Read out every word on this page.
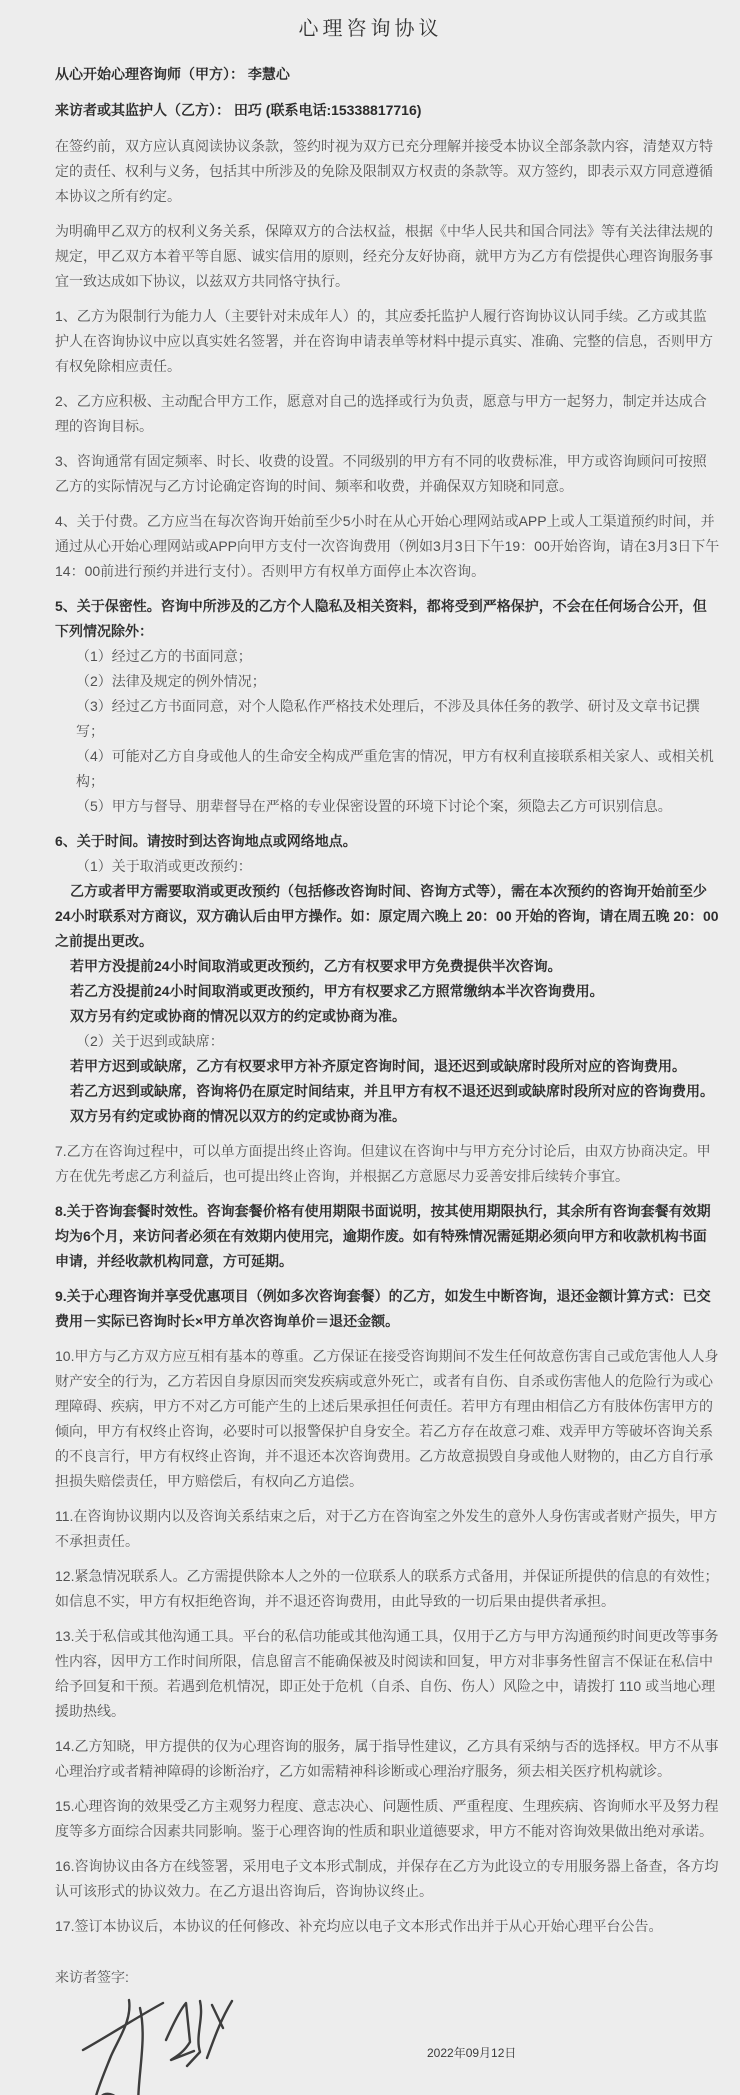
心理咨询协议

从心开始心理咨询师（甲方）： 李慧心

来访者或其监护人（乙方）： 田巧 (联系电话:15338817716)

在签约前，双方应认真阅读协议条款，签约时视为双方已充分理解并接受本协议全部条款内容，清楚双方特定的责任、权利与义务，包括其中所涉及的免除及限制双方权责的条款等。双方签约，即表示双方同意遵循本协议之所有约定。

为明确甲乙双方的权利义务关系，保障双方的合法权益，根据《中华人民共和国合同法》等有关法律法规的规定，甲乙双方本着平等自愿、诚实信用的原则，经充分友好协商，就甲方为乙方有偿提供心理咨询服务事宜一致达成如下协议，以兹双方共同恪守执行。

1、乙方为限制行为能力人（主要针对未成年人）的，其应委托监护人履行咨询协议认同手续。乙方或其监护人在咨询协议中应以真实姓名签署，并在咨询申请表单等材料中提示真实、准确、完整的信息，否则甲方有权免除相应责任。

2、乙方应积极、主动配合甲方工作，愿意对自己的选择或行为负责，愿意与甲方一起努力，制定并达成合理的咨询目标。

3、咨询通常有固定频率、时长、收费的设置。不同级别的甲方有不同的收费标准，甲方或咨询顾问可按照乙方的实际情况与乙方讨论确定咨询的时间、频率和收费，并确保双方知晓和同意。

4、关于付费。乙方应当在每次咨询开始前至少5小时在从心开始心理网站或APP上或人工渠道预约时间，并通过从心开始心理网站或APP向甲方支付一次咨询费用（例如3月3日下午19：00开始咨询，请在3月3日下午14：00前进行预约并进行支付）。否则甲方有权单方面停止本次咨询。

5、关于保密性。咨询中所涉及的乙方个人隐私及相关资料，都将受到严格保护，不会在任何场合公开，但下列情况除外：
（1）经过乙方的书面同意；
（2）法律及规定的例外情况；
（3）经过乙方书面同意，对个人隐私作严格技术处理后，不涉及具体任务的教学、研讨及文章书记撰写；
（4）可能对乙方自身或他人的生命安全构成严重危害的情况，甲方有权利直接联系相关家人、或相关机构；
（5）甲方与督导、朋辈督导在严格的专业保密设置的环境下讨论个案，须隐去乙方可识别信息。
6、关于时间。请按时到达咨询地点或网络地点。
（1）关于取消或更改预约：
乙方或者甲方需要取消或更改预约（包括修改咨询时间、咨询方式等），需在本次预约的咨询开始前至少24小时联系对方商议，双方确认后由甲方操作。如：原定周六晚上 20：00 开始的咨询，请在周五晚 20：00 之前提出更改。
若甲方没提前24小时间取消或更改预约，乙方有权要求甲方免费提供半次咨询。
若乙方没提前24小时间取消或更改预约，甲方有权要求乙方照常缴纳本半次咨询费用。
双方另有约定或协商的情况以双方的约定或协商为准。
（2）关于迟到或缺席：
若甲方迟到或缺席，乙方有权要求甲方补齐原定咨询时间，退还迟到或缺席时段所对应的咨询费用。
若乙方迟到或缺席，咨询将仍在原定时间结束，并且甲方有权不退还迟到或缺席时段所对应的咨询费用。
双方另有约定或协商的情况以双方的约定或协商为准。

7.乙方在咨询过程中，可以单方面提出终止咨询。但建议在咨询中与甲方充分讨论后，由双方协商决定。甲方在优先考虑乙方利益后，也可提出终止咨询，并根据乙方意愿尽力妥善安排后续转介事宜。

8.关于咨询套餐时效性。咨询套餐价格有使用期限书面说明，按其使用期限执行，其余所有咨询套餐有效期均为6个月，来访问者必须在有效期内使用完，逾期作废。如有特殊情况需延期必须向甲方和收款机构书面申请，并经收款机构同意，方可延期。

9.关于心理咨询并享受优惠项目（例如多次咨询套餐）的乙方，如发生中断咨询，退还金额计算方式：已交费用－实际已咨询时长×甲方单次咨询单价＝退还金额。

10.甲方与乙方双方应互相有基本的尊重。乙方保证在接受咨询期间不发生任何故意伤害自己或危害他人人身财产安全的行为，乙方若因自身原因而突发疾病或意外死亡，或者有自伤、自杀或伤害他人的危险行为或心理障碍、疾病，甲方不对乙方可能产生的上述后果承担任何责任。若甲方有理由相信乙方有肢体伤害甲方的倾向，甲方有权终止咨询，必要时可以报警保护自身安全。若乙方存在故意刁难、戏弄甲方等破坏咨询关系的不良言行，甲方有权终止咨询，并不退还本次咨询费用。乙方故意损毁自身或他人财物的，由乙方自行承担损失赔偿责任，甲方赔偿后，有权向乙方追偿。

11.在咨询协议期内以及咨询关系结束之后，对于乙方在咨询室之外发生的意外人身伤害或者财产损失，甲方不承担责任。

12.紧急情况联系人。乙方需提供除本人之外的一位联系人的联系方式备用，并保证所提供的信息的有效性；如信息不实，甲方有权拒绝咨询，并不退还咨询费用，由此导致的一切后果由提供者承担。

13.关于私信或其他沟通工具。平台的私信功能或其他沟通工具，仅用于乙方与甲方沟通预约时间更改等事务性内容，因甲方工作时间所限，信息留言不能确保被及时阅读和回复，甲方对非事务性留言不保证在私信中给予回复和干预。若遇到危机情况，即正处于危机（自杀、自伤、伤人）风险之中，请拨打 110 或当地心理援助热线。

14.乙方知晓，甲方提供的仅为心理咨询的服务，属于指导性建议，乙方具有采纳与否的选择权。甲方不从事心理治疗或者精神障碍的诊断治疗，乙方如需精神科诊断或心理治疗服务，须去相关医疗机构就诊。

15.心理咨询的效果受乙方主观努力程度、意志决心、问题性质、严重程度、生理疾病、咨询师水平及努力程度等多方面综合因素共同影响。鉴于心理咨询的性质和职业道德要求，甲方不能对咨询效果做出绝对承诺。

16.咨询协议由各方在线签署，采用电子文本形式制成，并保存在乙方为此设立的专用服务器上备查，各方均认可该形式的协议效力。在乙方退出咨询后，咨询协议终止。

17.签订本协议后，本协议的任何修改、补充均应以电子文本形式作出并于从心开始心理平台公告。

来访者签字:

2022年09月12日
